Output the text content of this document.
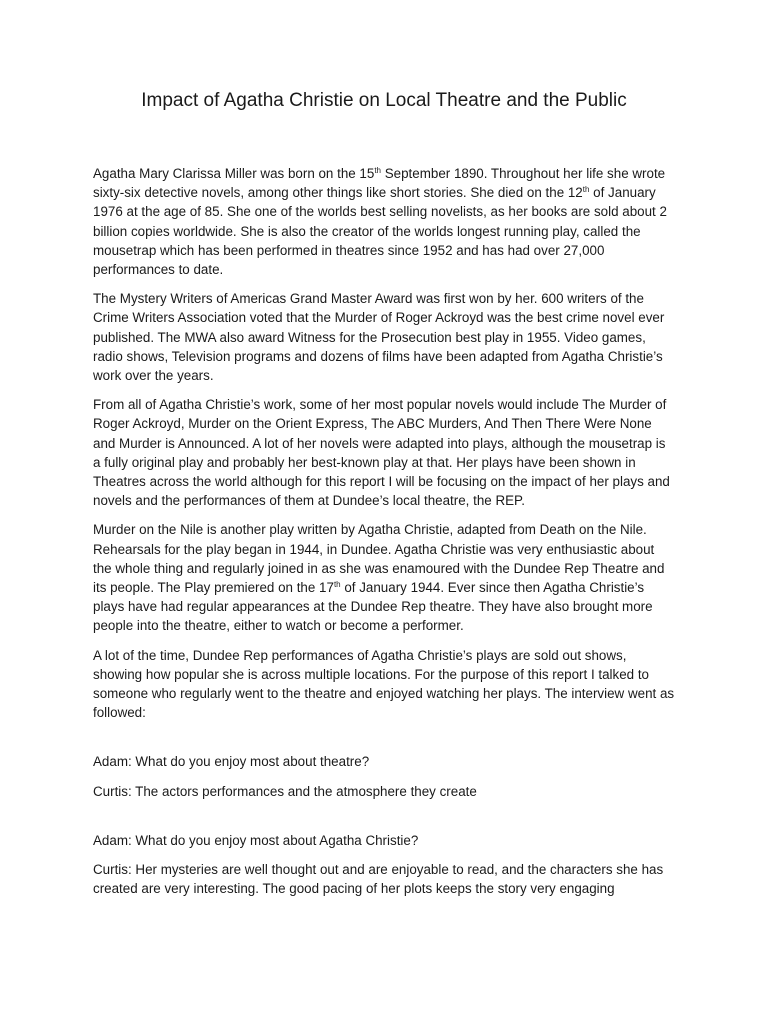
Impact of Agatha Christie on Local Theatre and the Public

Agatha Mary Clarissa Miller was born on the 15th September 1890. Throughout her life she wrote sixty-six detective novels, among other things like short stories. She died on the 12th of January 1976 at the age of 85. She one of the worlds best selling novelists, as her books are sold about 2 billion copies worldwide. She is also the creator of the worlds longest running play, called the mousetrap which has been performed in theatres since 1952 and has had over 27,000 performances to date.

The Mystery Writers of Americas Grand Master Award was first won by her. 600 writers of the Crime Writers Association voted that the Murder of Roger Ackroyd was the best crime novel ever published. The MWA also award Witness for the Prosecution best play in 1955. Video games, radio shows, Television programs and dozens of films have been adapted from Agatha Christie’s work over the years.

From all of Agatha Christie’s work, some of her most popular novels would include The Murder of Roger Ackroyd, Murder on the Orient Express, The ABC Murders, And Then There Were None and Murder is Announced. A lot of her novels were adapted into plays, although the mousetrap is a fully original play and probably her best-known play at that. Her plays have been shown in Theatres across the world although for this report I will be focusing on the impact of her plays and novels and the performances of them at Dundee’s local theatre, the REP.

Murder on the Nile is another play written by Agatha Christie, adapted from Death on the Nile. Rehearsals for the play began in 1944, in Dundee. Agatha Christie was very enthusiastic about the whole thing and regularly joined in as she was enamoured with the Dundee Rep Theatre and its people. The Play premiered on the 17th of January 1944. Ever since then Agatha Christie’s plays have had regular appearances at the Dundee Rep theatre. They have also brought more people into the theatre, either to watch or become a performer.

A lot of the time, Dundee Rep performances of Agatha Christie’s plays are sold out shows, showing how popular she is across multiple locations. For the purpose of this report I talked to someone who regularly went to the theatre and enjoyed watching her plays. The interview went as followed:

Adam: What do you enjoy most about theatre?

Curtis: The actors performances and the atmosphere they create

Adam: What do you enjoy most about Agatha Christie?

Curtis: Her mysteries are well thought out and are enjoyable to read, and the characters she has created are very interesting. The good pacing of her plots keeps the story very engaging
